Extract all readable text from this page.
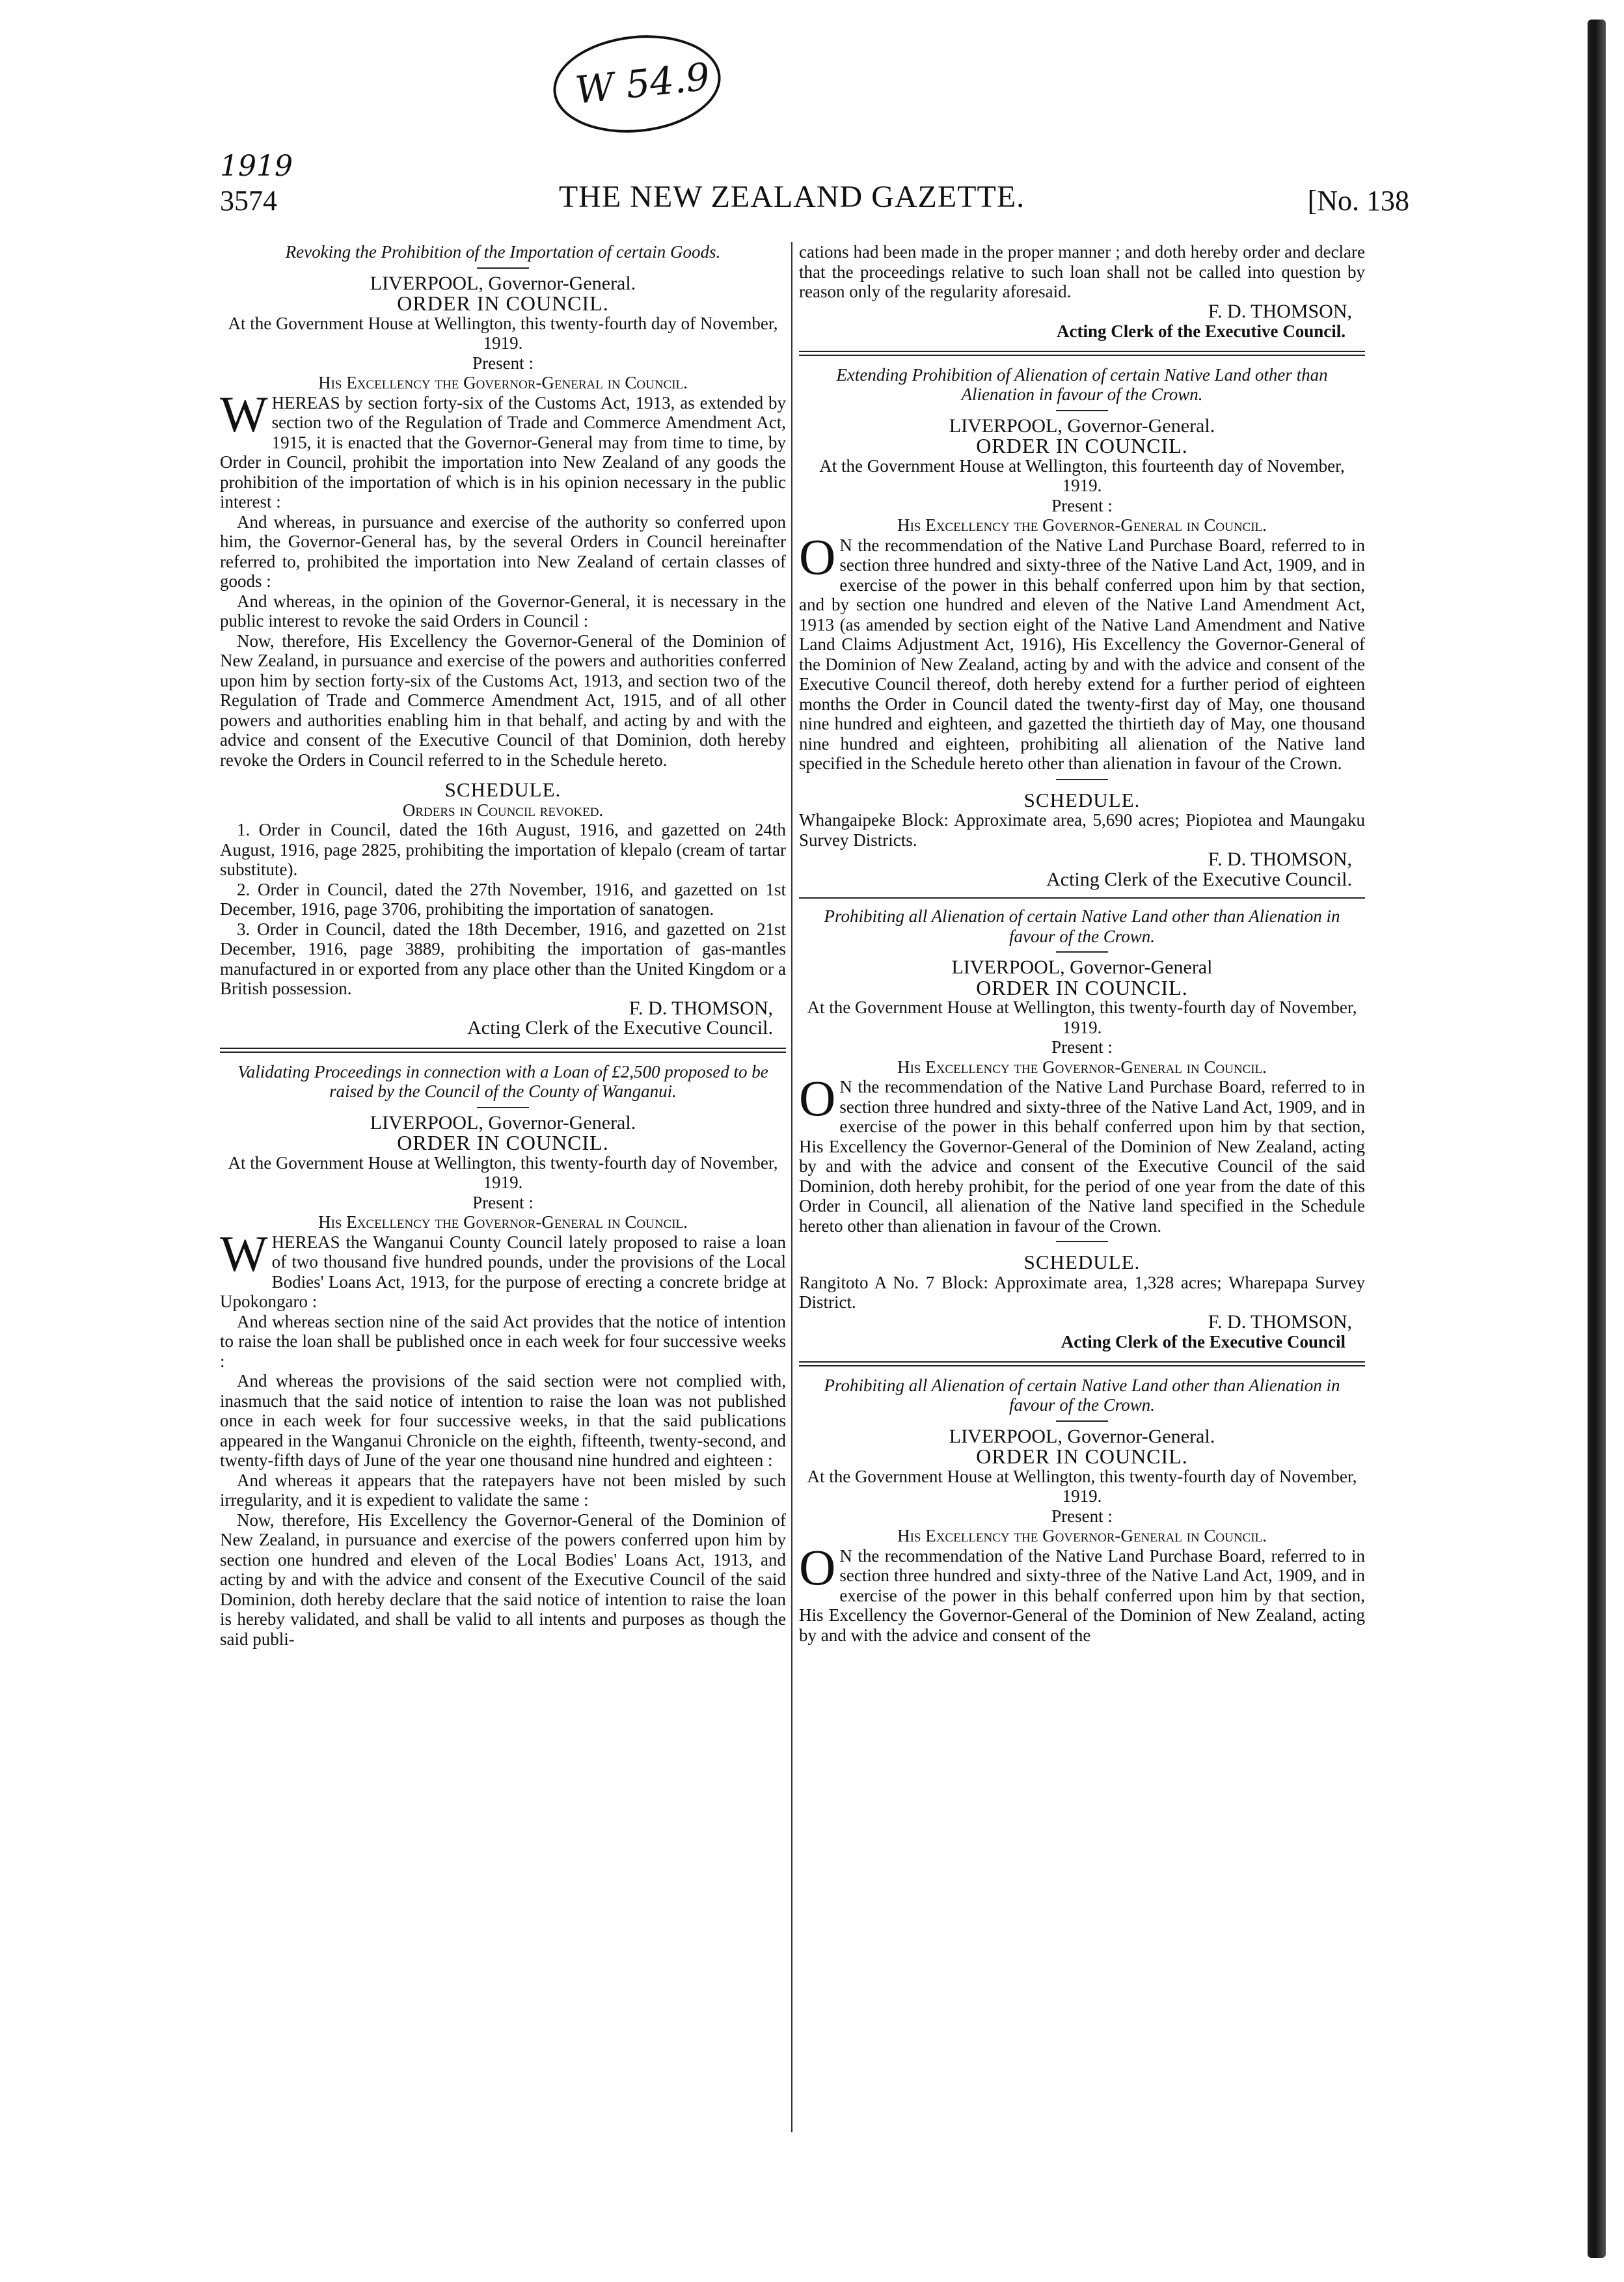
W 54.9
1919
3574	THE NEW ZEALAND GAZETTE.	[No. 138

Revoking the Prohibition of the Importation of certain Goods.

LIVERPOOL, Governor-General.

ORDER IN COUNCIL.

At the Government House at Wellington, this twenty-fourth day of November, 1919.

Present :

His Excellency the Governor-General in Council.

WHEREAS by section forty-six of the Customs Act, 1913, as extended by section two of the Regulation of Trade and Commerce Amendment Act, 1915, it is enacted that the Governor-General may from time to time, by Order in Council, prohibit the importation into New Zealand of any goods the prohibition of the importation of which is in his opinion necessary in the public interest :

And whereas, in pursuance and exercise of the authority so conferred upon him, the Governor-General has, by the several Orders in Council hereinafter referred to, prohibited the importation into New Zealand of certain classes of goods :

And whereas, in the opinion of the Governor-General, it is necessary in the public interest to revoke the said Orders in Council :

Now, therefore, His Excellency the Governor-General of the Dominion of New Zealand, in pursuance and exercise of the powers and authorities conferred upon him by section forty-six of the Customs Act, 1913, and section two of the Regulation of Trade and Commerce Amendment Act, 1915, and of all other powers and authorities enabling him in that behalf, and acting by and with the advice and consent of the Executive Council of that Dominion, doth hereby revoke the Orders in Council referred to in the Schedule hereto.

SCHEDULE.

Orders in Council revoked.

1. Order in Council, dated the 16th August, 1916, and gazetted on 24th August, 1916, page 2825, prohibiting the importation of klepalo (cream of tartar substitute).

2. Order in Council, dated the 27th November, 1916, and gazetted on 1st December, 1916, page 3706, prohibiting the importation of sanatogen.

3. Order in Council, dated the 18th December, 1916, and gazetted on 21st December, 1916, page 3889, prohibiting the importation of gas-mantles manufactured in or exported from any place other than the United Kingdom or a British possession.

F. D. THOMSON,

Acting Clerk of the Executive Council.

Validating Proceedings in connection with a Loan of £2,500 proposed to be raised by the Council of the County of Wanganui.

LIVERPOOL, Governor-General.

ORDER IN COUNCIL.

At the Government House at Wellington, this twenty-fourth day of November, 1919.

Present :

His Excellency the Governor-General in Council.

WHEREAS the Wanganui County Council lately proposed to raise a loan of two thousand five hundred pounds, under the provisions of the Local Bodies' Loans Act, 1913, for the purpose of erecting a concrete bridge at Upokongaro :

And whereas section nine of the said Act provides that the notice of intention to raise the loan shall be published once in each week for four successive weeks :

And whereas the provisions of the said section were not complied with, inasmuch that the said notice of intention to raise the loan was not published once in each week for four successive weeks, in that the said publications appeared in the Wanganui Chronicle on the eighth, fifteenth, twenty-second, and twenty-fifth days of June of the year one thousand nine hundred and eighteen :

And whereas it appears that the ratepayers have not been misled by such irregularity, and it is expedient to validate the same :

Now, therefore, His Excellency the Governor-General of the Dominion of New Zealand, in pursuance and exercise of the powers conferred upon him by section one hundred and eleven of the Local Bodies' Loans Act, 1913, and acting by and with the advice and consent of the Executive Council of the said Dominion, doth hereby declare that the said notice of intention to raise the loan is hereby validated, and shall be valid to all intents and purposes as though the said publi-

cations had been made in the proper manner ; and doth hereby order and declare that the proceedings relative to such loan shall not be called into question by reason only of the regularity aforesaid.

F. D. THOMSON,

Acting Clerk of the Executive Council.

Extending Prohibition of Alienation of certain Native Land other than Alienation in favour of the Crown.

LIVERPOOL, Governor-General.

ORDER IN COUNCIL.

At the Government House at Wellington, this fourteenth day of November, 1919.

Present :

His Excellency the Governor-General in Council.

O N the recommendation of the Native Land Purchase Board, referred to in section three hundred and sixty-three of the Native Land Act, 1909, and in exercise of the power in this behalf conferred upon him by that section, and by section one hundred and eleven of the Native Land Amendment Act, 1913 (as amended by section eight of the Native Land Amendment and Native Land Claims Adjustment Act, 1916), His Excellency the Governor-General of the Dominion of New Zealand, acting by and with the advice and consent of the Executive Council thereof, doth hereby extend for a further period of eighteen months the Order in Council dated the twenty-first day of May, one thousand nine hundred and eighteen, and gazetted the thirtieth day of May, one thousand nine hundred and eighteen, prohibiting all alienation of the Native land specified in the Schedule hereto other than alienation in favour of the Crown.

SCHEDULE.

Whangaipeke Block: Approximate area, 5,690 acres; Piopiotea and Maungaku Survey Districts.

F. D. THOMSON,

Acting Clerk of the Executive Council.

Prohibiting all Alienation of certain Native Land other than Alienation in favour of the Crown.

LIVERPOOL, Governor-General

ORDER IN COUNCIL.

At the Government House at Wellington, this twenty-fourth day of November, 1919.

Present :

His Excellency the Governor-General in Council.

O N the recommendation of the Native Land Purchase Board, referred to in section three hundred and sixty-three of the Native Land Act, 1909, and in exercise of the power in this behalf conferred upon him by that section, His Excellency the Governor-General of the Dominion of New Zealand, acting by and with the advice and consent of the Executive Council of the said Dominion, doth hereby prohibit, for the period of one year from the date of this Order in Council, all alienation of the Native land specified in the Schedule hereto other than alienation in favour of the Crown.

SCHEDULE.

Rangitoto A No. 7 Block: Approximate area, 1,328 acres; Wharepapa Survey District.

F. D. THOMSON,

Acting Clerk of the Executive Council

Prohibiting all Alienation of certain Native Land other than Alienation in favour of the Crown.

LIVERPOOL, Governor-General.

ORDER IN COUNCIL.

At the Government House at Wellington, this twenty-fourth day of November, 1919.

Present :

His Excellency the Governor-General in Council.

O N the recommendation of the Native Land Purchase Board, referred to in section three hundred and sixty-three of the Native Land Act, 1909, and in exercise of the power in this behalf conferred upon him by that section, His Excellency the Governor-General of the Dominion of New Zealand, acting by and with the advice and consent of the
